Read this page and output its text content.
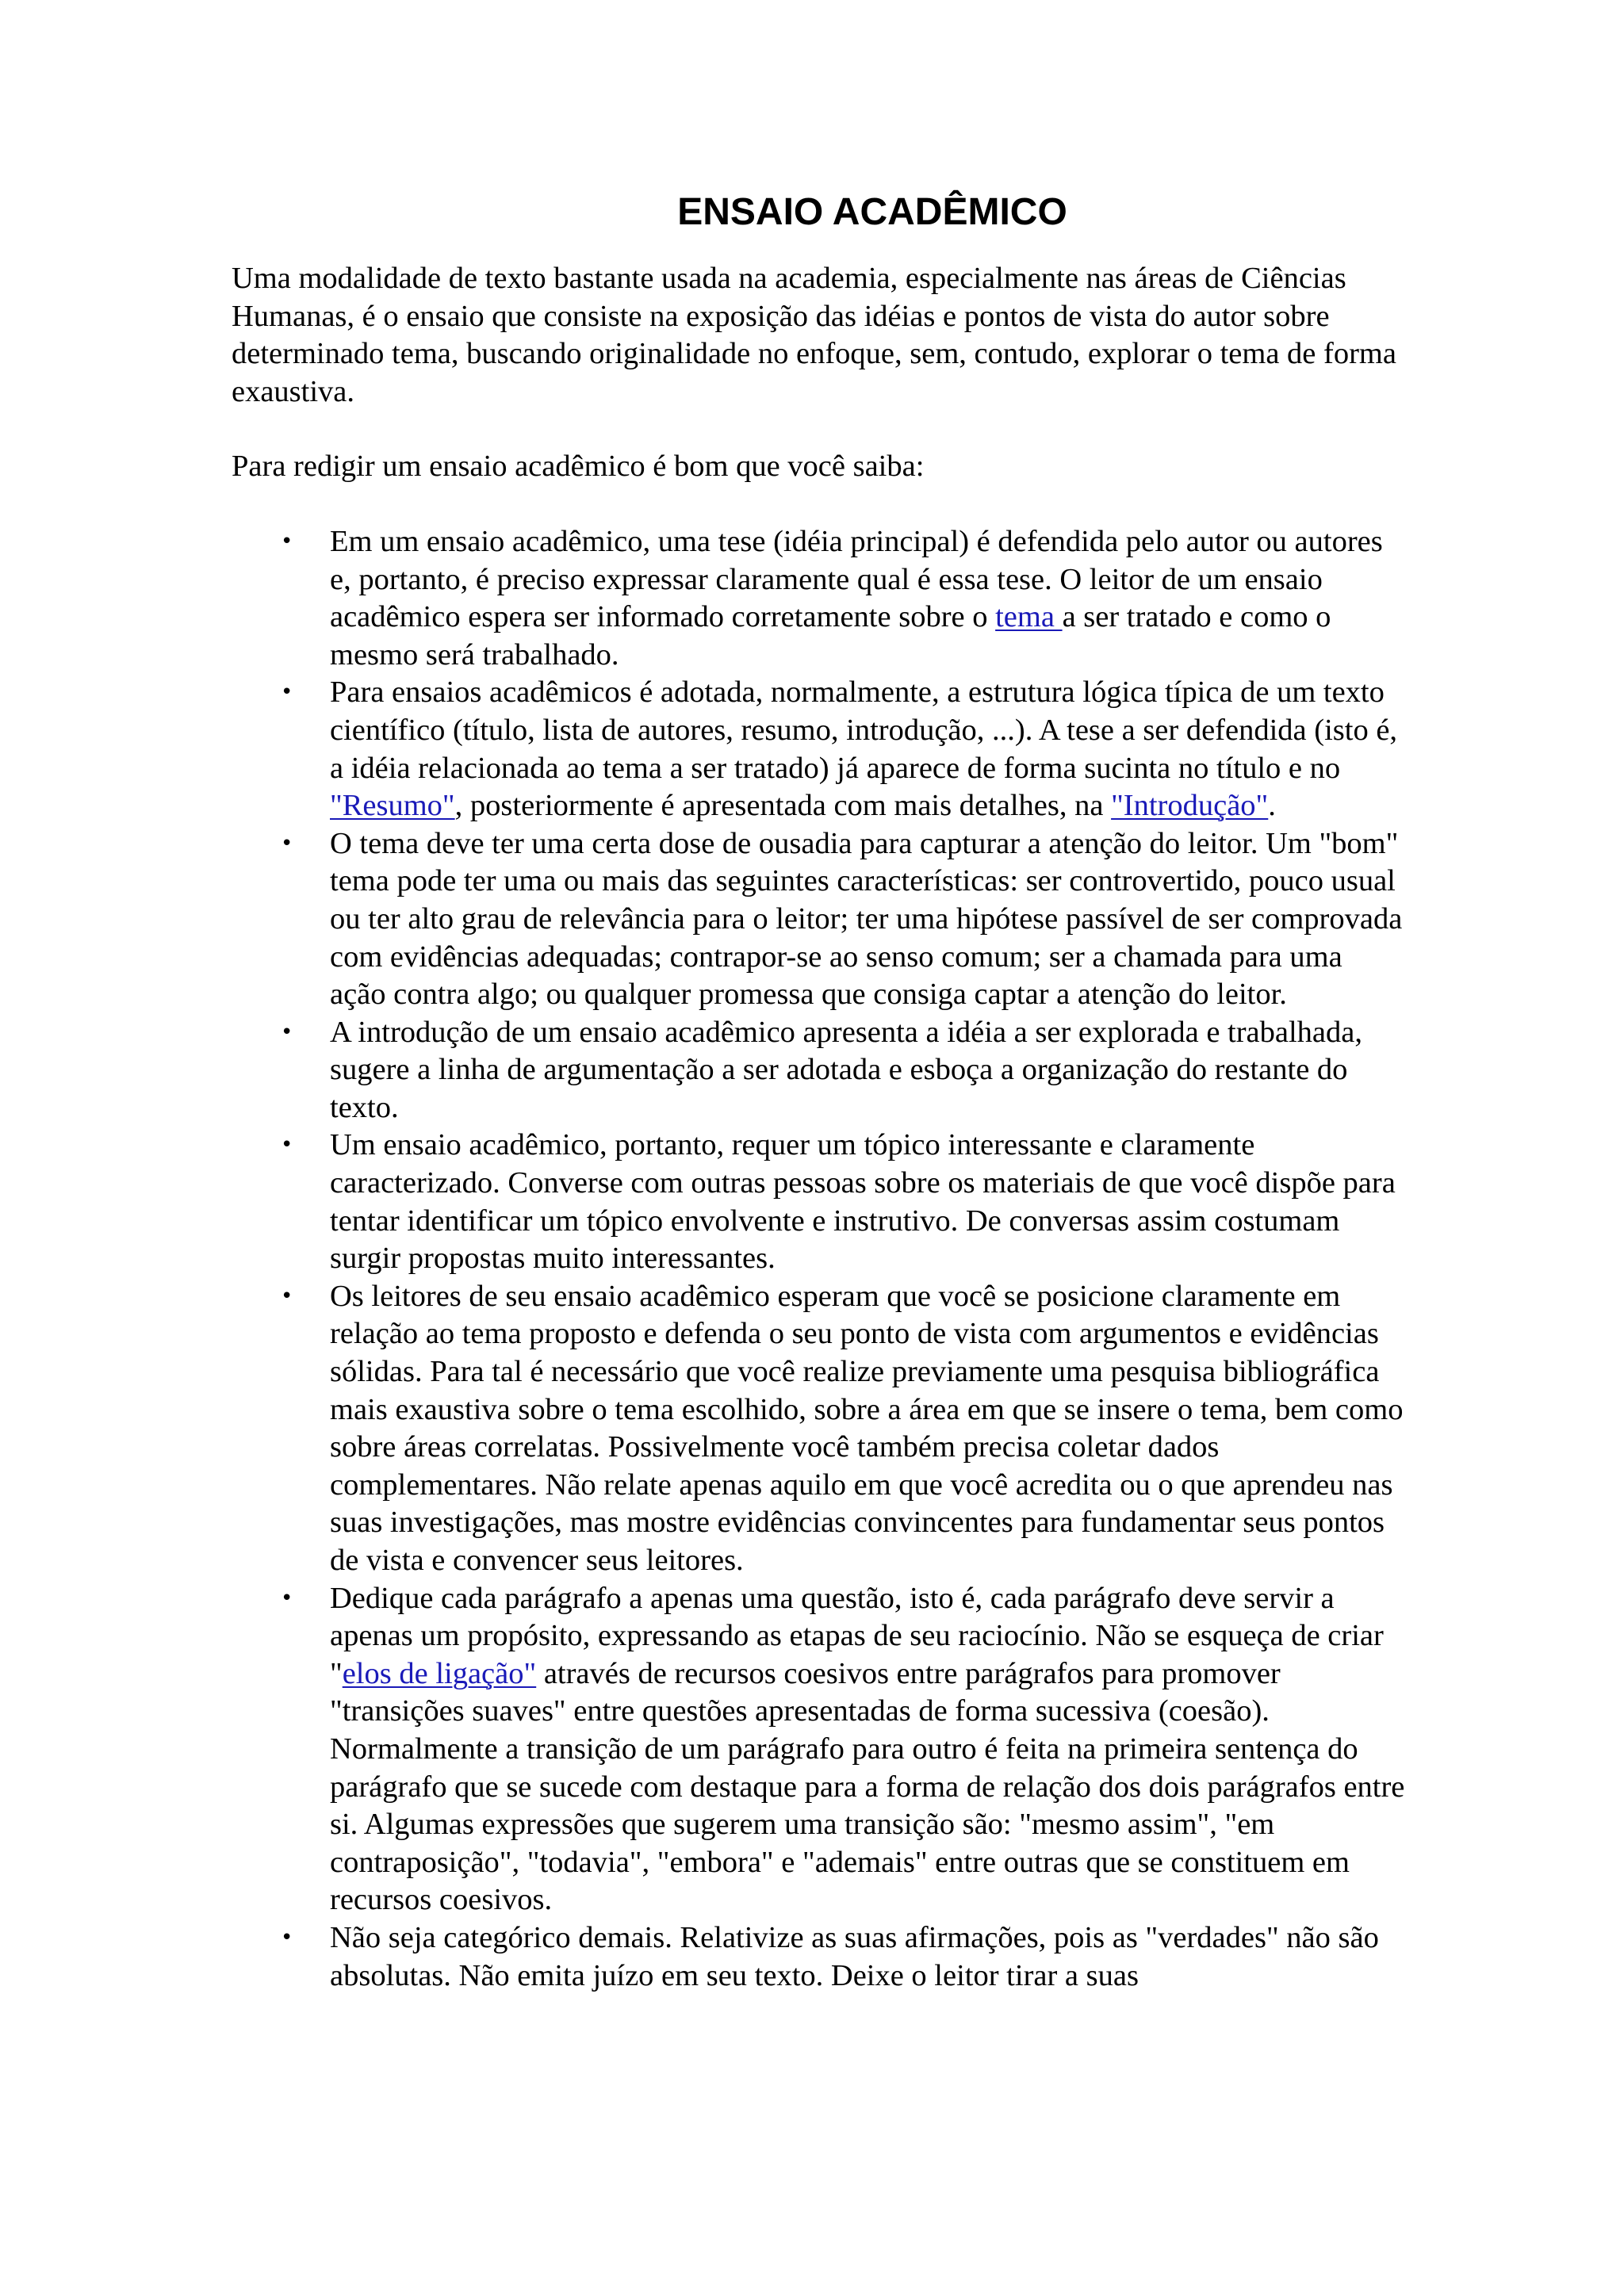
ENSAIO ACADÊMICO

Uma modalidade de texto bastante usada na academia, especialmente nas áreas de Ciências Humanas, é o ensaio que consiste na exposição das idéias e pontos de vista do autor sobre determinado tema, buscando originalidade no enfoque, sem, contudo, explorar o tema de forma exaustiva.

Para redigir um ensaio acadêmico é bom que você saiba:

• Em um ensaio acadêmico, uma tese (idéia principal) é defendida pelo autor ou autores e, portanto, é preciso expressar claramente qual é essa tese. O leitor de um ensaio acadêmico espera ser informado corretamente sobre o tema a ser tratado e como o mesmo será trabalhado.
• Para ensaios acadêmicos é adotada, normalmente, a estrutura lógica típica de um texto científico (título, lista de autores, resumo, introdução, ...). A tese a ser defendida (isto é, a idéia relacionada ao tema a ser tratado) já aparece de forma sucinta no título e no "Resumo", posteriormente é apresentada com mais detalhes, na "Introdução".
• O tema deve ter uma certa dose de ousadia para capturar a atenção do leitor. Um "bom" tema pode ter uma ou mais das seguintes características: ser controvertido, pouco usual ou ter alto grau de relevância para o leitor; ter uma hipótese passível de ser comprovada com evidências adequadas; contrapor-se ao senso comum; ser a chamada para uma ação contra algo; ou qualquer promessa que consiga captar a atenção do leitor.
• A introdução de um ensaio acadêmico apresenta a idéia a ser explorada e trabalhada, sugere a linha de argumentação a ser adotada e esboça a organização do restante do texto.
• Um ensaio acadêmico, portanto, requer um tópico interessante e claramente caracterizado. Converse com outras pessoas sobre os materiais de que você dispõe para tentar identificar um tópico envolvente e instrutivo. De conversas assim costumam surgir propostas muito interessantes.
• Os leitores de seu ensaio acadêmico esperam que você se posicione claramente em relação ao tema proposto e defenda o seu ponto de vista com argumentos e evidências sólidas. Para tal é necessário que você realize previamente uma pesquisa bibliográfica mais exaustiva sobre o tema escolhido, sobre a área em que se insere o tema, bem como sobre áreas correlatas. Possivelmente você também precisa coletar dados complementares. Não relate apenas aquilo em que você acredita ou o que aprendeu nas suas investigações, mas mostre evidências convincentes para fundamentar seus pontos de vista e convencer seus leitores.
• Dedique cada parágrafo a apenas uma questão, isto é, cada parágrafo deve servir a apenas um propósito, expressando as etapas de seu raciocínio. Não se esqueça de criar "elos de ligação" através de recursos coesivos entre parágrafos para promover "transições suaves" entre questões apresentadas de forma sucessiva (coesão). Normalmente a transição de um parágrafo para outro é feita na primeira sentença do parágrafo que se sucede com destaque para a forma de relação dos dois parágrafos entre si. Algumas expressões que sugerem uma transição são: "mesmo assim", "em contraposição", "todavia", "embora" e "ademais" entre outras que se constituem em recursos coesivos.
• Não seja categórico demais. Relativize as suas afirmações, pois as "verdades" não são absolutas. Não emita juízo em seu texto. Deixe o leitor tirar a suas
